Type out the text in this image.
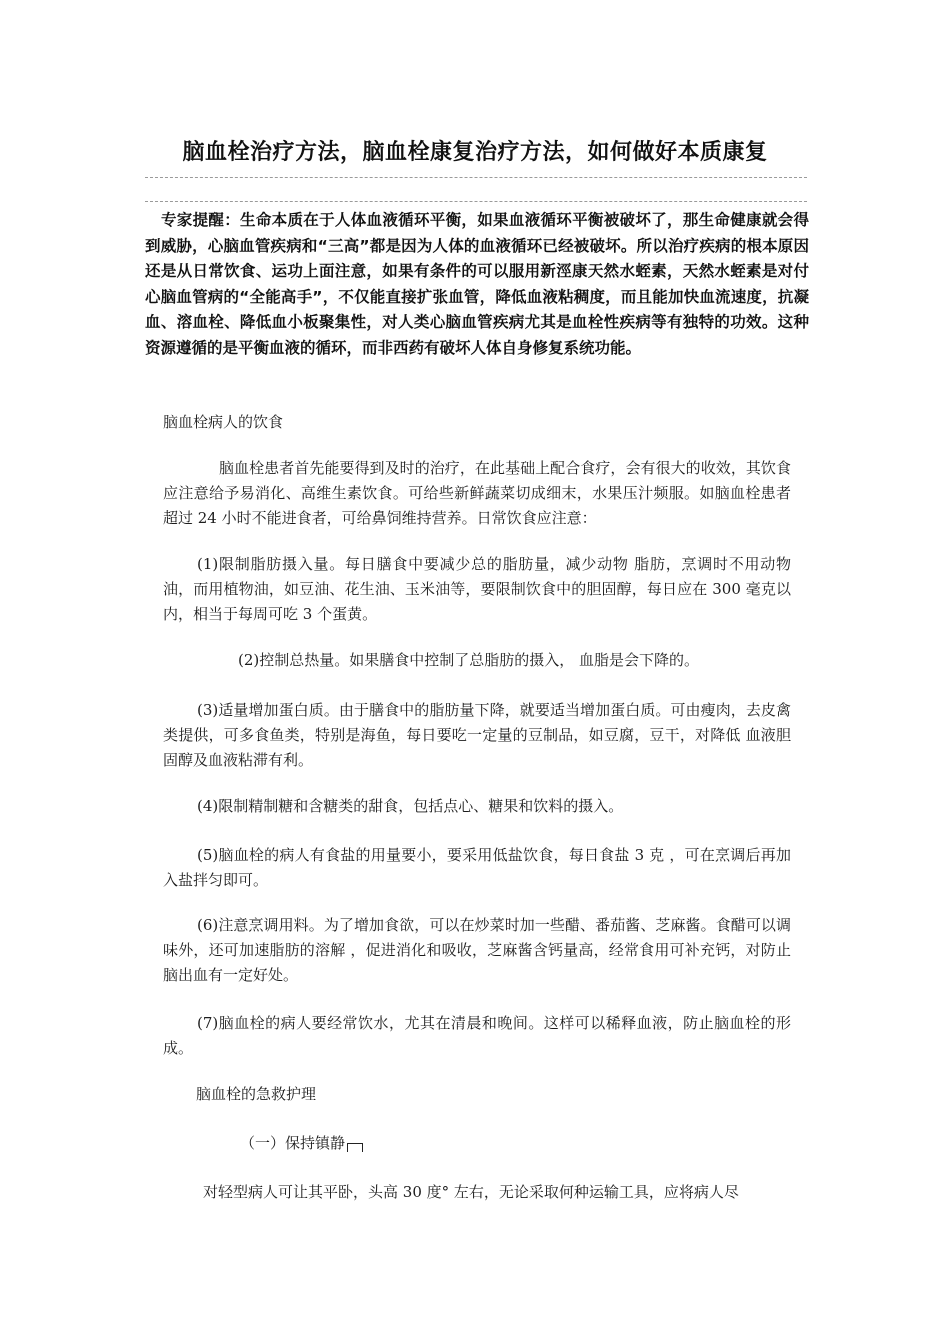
脑血栓治疗方法，脑血栓康复治疗方法，如何做好本质康复
专家提醒：生命本质在于人体血液循环平衡，如果血液循环平衡被破坏了，那生命健康就会得到威胁，心脑血管疾病和“三高”都是因为人体的血液循环已经被破坏。所以治疗疾病的根本原因还是从日常饮食、运功上面注意，如果有条件的可以服用新涇康天然水蛭素，天然水蛭素是对付心脑血管病的“全能高手”，不仅能直接扩张血管，降低血液粘稠度，而且能加快血流速度，抗凝血、溶血栓、降低血小板聚集性，对人类心脑血管疾病尤其是血栓性疾病等有独特的功效。这种资源遵循的是平衡血液的循环，而非西药有破坏人体自身修复系统功能。
脑血栓病人的饮食
脑血栓患者首先能要得到及时的治疗，在此基础上配合食疗，会有很大的收效，其饮食应注意给予易消化、高维生素饮食。可给些新鲜蔬菜切成细末，水果压汁频服。如脑血栓患者超过 24 小时不能进食者，可给鼻饲维持营养。日常饮食应注意：
(1)限制脂肪摄入量。每日膳食中要减少总的脂肪量，减少动物 脂肪，烹调时不用动物油，而用植物油，如豆油、花生油、玉米油等，要限制饮食中的胆固醇，每日应在 300 毫克以内，相当于每周可吃 3 个蛋黄。
(2)控制总热量。如果膳食中控制了总脂肪的摄入， 血脂是会下降的。
(3)适量增加蛋白质。由于膳食中的脂肪量下降，就要适当增加蛋白质。可由瘦肉，去皮禽类提供，可多食鱼类，特别是海鱼，每日要吃一定量的豆制品，如豆腐，豆干，对降低 血液胆固醇及血液粘滞有利。
(4)限制精制糖和含糖类的甜食，包括点心、糖果和饮料的摄入。
(5)脑血栓的病人有食盐的用量要小，要采用低盐饮食，每日食盐 3 克 ，可在烹调后再加入盐拌匀即可。
(6)注意烹调用料。为了增加食欲，可以在炒菜时加一些醋、番茄酱、芝麻酱。食醋可以调味外，还可加速脂肪的溶解 ，促进消化和吸收，芝麻酱含钙量高，经常食用可补充钙，对防止脑出血有一定好处。
(7)脑血栓的病人要经常饮水，尤其在清晨和晚间。这样可以稀释血液，防止脑血栓的形成。
脑血栓的急救护理
（一）保持镇静
对轻型病人可让其平卧，头高 30 度° 左右，无论采取何种运输工具，应将病人尽
